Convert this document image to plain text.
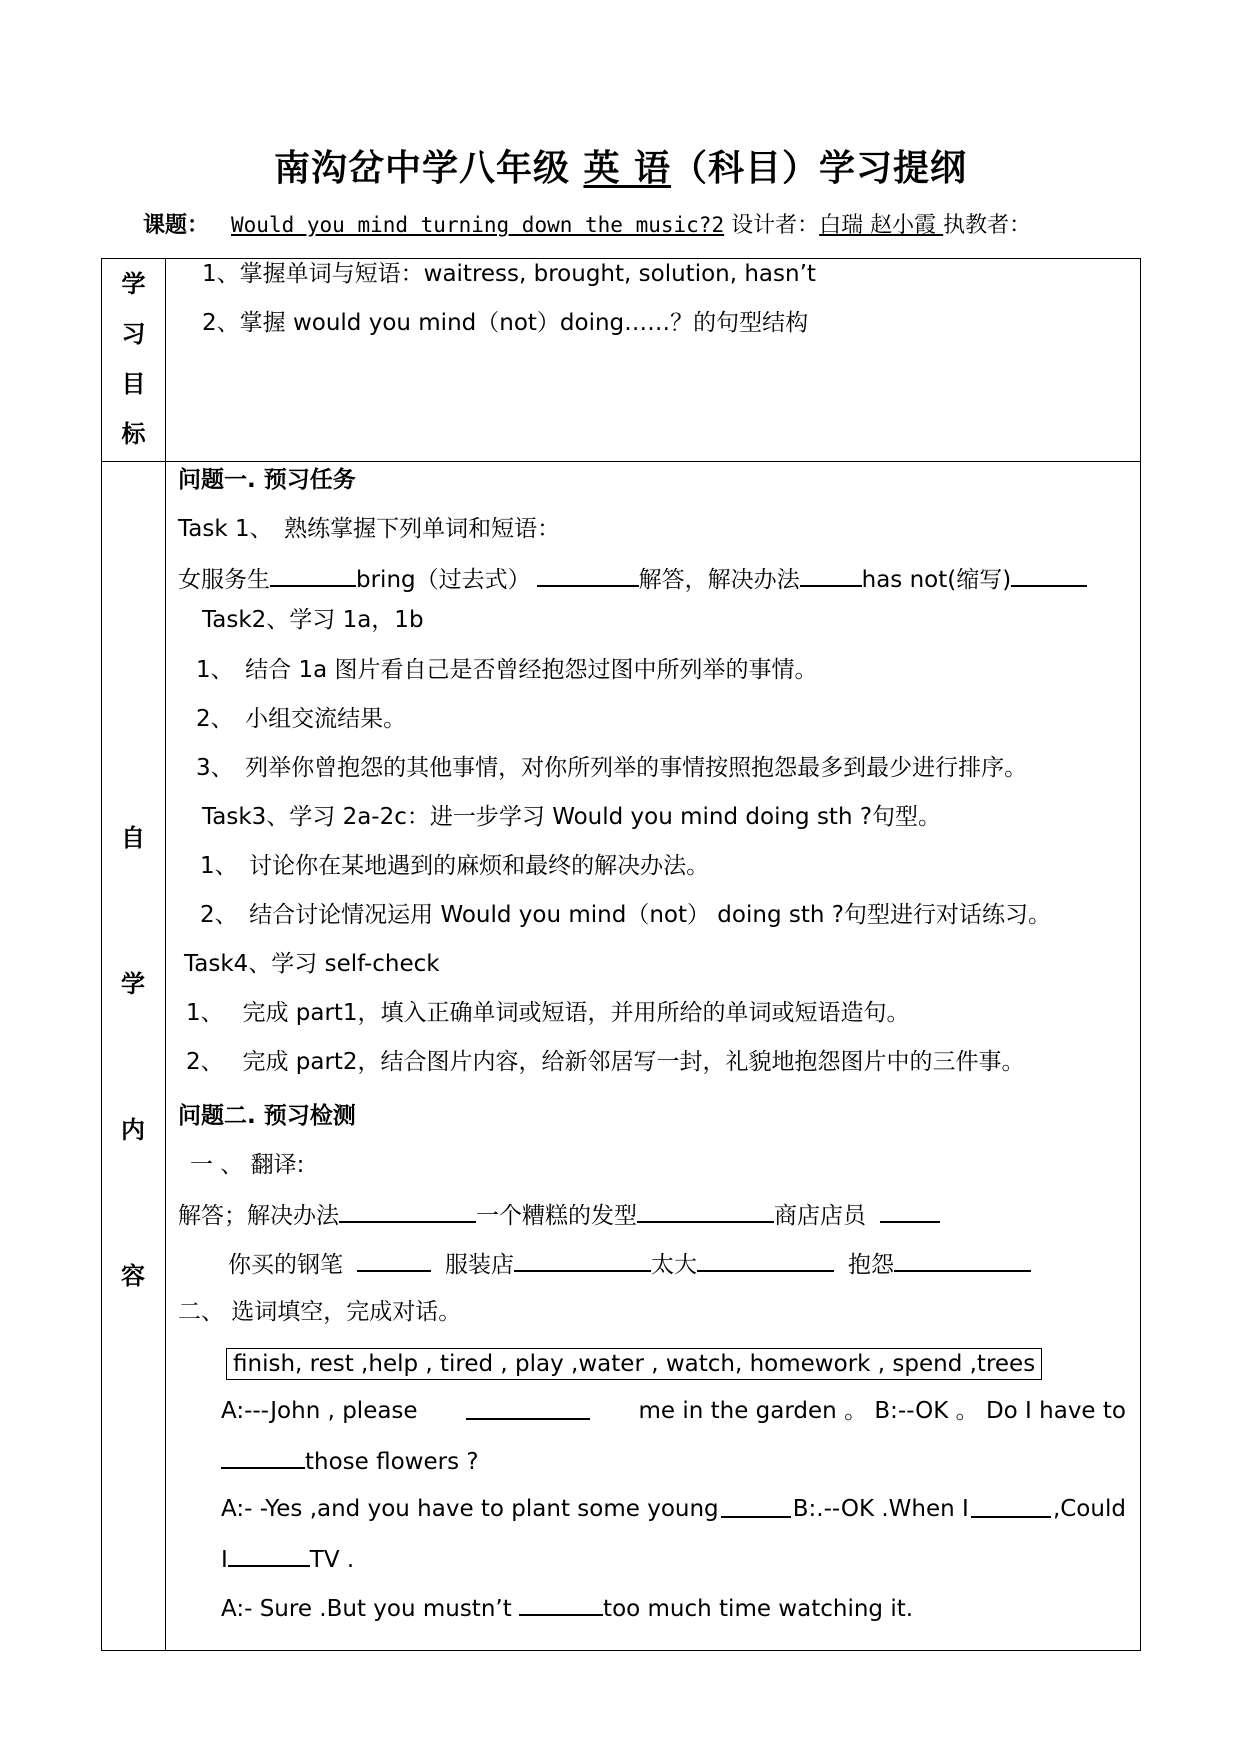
南沟岔中学八年级 英 语（科目）学习提纲
课题： Would you mind turning down the music?2 设计者：白瑞 赵小霞 执教者：
学
习
目
标	

自
学
内
容
1、掌握单词与短语：waitress, brought, solution, hasn’t
2、掌握 would you mind（not）doing……？的句型结构
问题一. 预习任务
Task 1、　熟练掌握下列单词和短语：
女服务生	bring（过去式）	解答，解决办法	has not(缩写)
Task2、学习 1a，1b
1、　结合 1a 图片看自己是否曾经抱怨过图中所列举的事情。
2、　小组交流结果。
3、　列举你曾抱怨的其他事情，对你所列举的事情按照抱怨最多到最少进行排序。
Task3、学习 2a-2c：进一步学习 Would you mind doing sth ?句型。
1、　讨论你在某地遇到的麻烦和最终的解决办法。
2、　结合讨论情况运用 Would you mind（not） doing sth ?句型进行对话练习。
Task4、学习 self-check
1、　 完成 part1，填入正确单词或短语，并用所给的单词或短语造句。
2、　 完成 part2，结合图片内容，给新邻居写一封，礼貌地抱怨图片中的三件事。
问题二. 预习检测
一 、 翻译:
解答；解决办法	一个糟糕的发型	商店店员
你买的钢笔	服装店	太大	抱怨
二、 选词填空，完成对话。
finish, rest ,help , tired , play ,water , watch, homework , spend ,trees
A:---John , please	me in the garden 。 B:--OK 。 Do I have to
those flowers ?
A:- -Yes ,and you have to plant some young	B:.--OK .When I	,Could
I	TV .
A:- Sure .But you mustn’t	too much time watching it.
